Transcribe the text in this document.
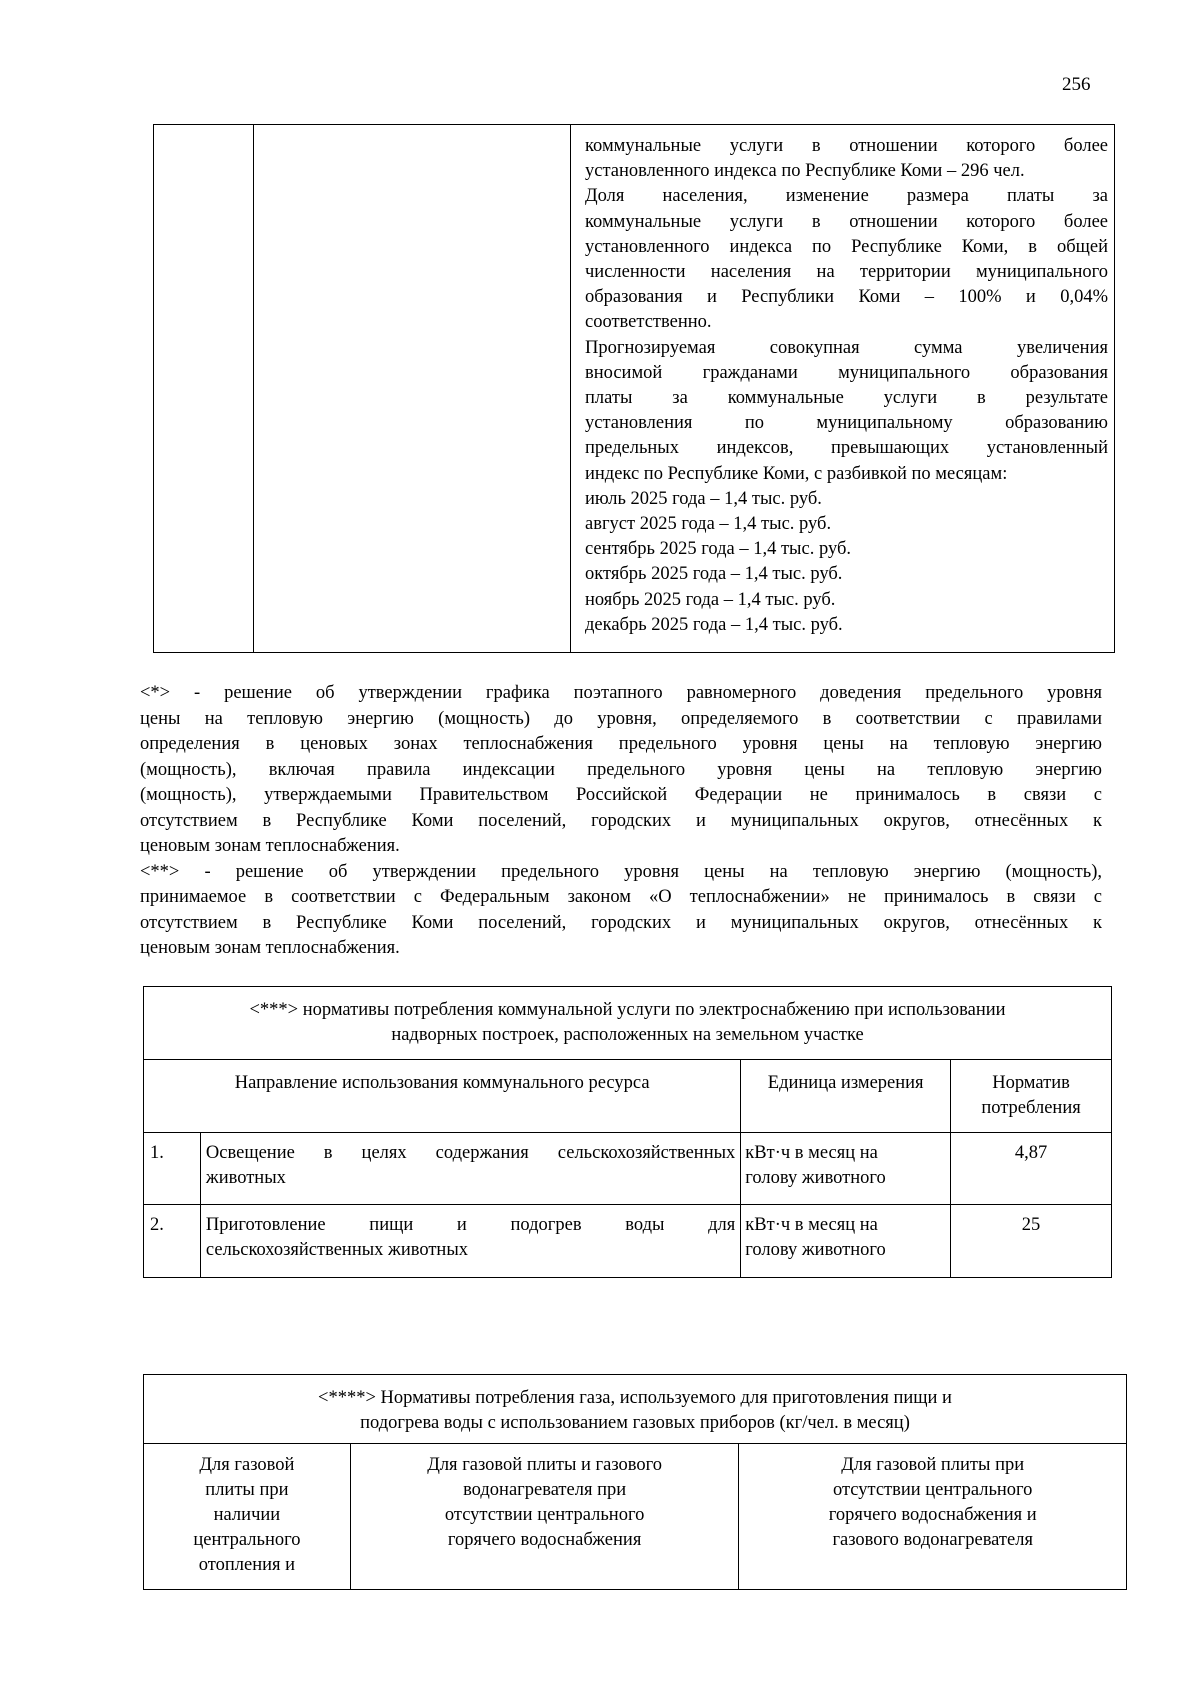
256
коммунальные услуги в отношении которого более
установленного индекса по Республике Коми – 296 чел.
Доля населения, изменение размера платы за
коммунальные услуги в отношении которого более
установленного индекса по Республике Коми, в общей
численности населения на территории муниципального
образования и Республики Коми – 100% и 0,04%
соответственно.
Прогнозируемая совокупная сумма увеличения
вносимой гражданами муниципального образования
платы за коммунальные услуги в результате
установления по муниципальному образованию
предельных индексов, превышающих установленный
индекс по Республике Коми, с разбивкой по месяцам:
июль 2025 года – 1,4 тыс. руб.
август 2025 года – 1,4 тыс. руб.
сентябрь 2025 года – 1,4 тыс. руб.
октябрь 2025 года – 1,4 тыс. руб.
ноябрь 2025 года – 1,4 тыс. руб.
декабрь 2025 года – 1,4 тыс. руб.
<*> - решение об утверждении графика поэтапного равномерного доведения предельного уровня
цены на тепловую энергию (мощность) до уровня, определяемого в соответствии с правилами
определения в ценовых зонах теплоснабжения предельного уровня цены на тепловую энергию
(мощность), включая правила индексации предельного уровня цены на тепловую энергию
(мощность), утверждаемыми Правительством Российской Федерации не принималось в связи с
отсутствием в Республике Коми поселений, городских и муниципальных округов, отнесённых к
ценовым зонам теплоснабжения.
<**> - решение об утверждении предельного уровня цены на тепловую энергию (мощность),
принимаемое в соответствии с Федеральным законом «О теплоснабжении» не принималось в связи с
отсутствием в Республике Коми поселений, городских и муниципальных округов, отнесённых к
ценовым зонам теплоснабжения.
<***> нормативы потребления коммунальной услуги по электроснабжению при использовании
надворных построек, расположенных на земельном участке			

Направление использования коммунального ресурса		Единица измерения	Норматив
потребления

1.	Освещение в целях содержания сельскохозяйственных
животных	кВт·ч в месяц на
голову животного	4,87
2.	Приготовление пищи и подогрев воды для
сельскохозяйственных животных	кВт·ч в месяц на
голову животного	25
<****> Нормативы потребления газа, используемого для приготовления пищи и
подогрева воды с использованием газовых приборов (кг/чел. в месяц)

Для газовой
плиты при
наличии
центрального
отопления и

Для газовой плиты и газового
водонагревателя при
отсутствии центрального
горячего водоснабжения

Для газовой плиты при
отсутствии центрального
горячего водоснабжения и
газового водонагревателя
